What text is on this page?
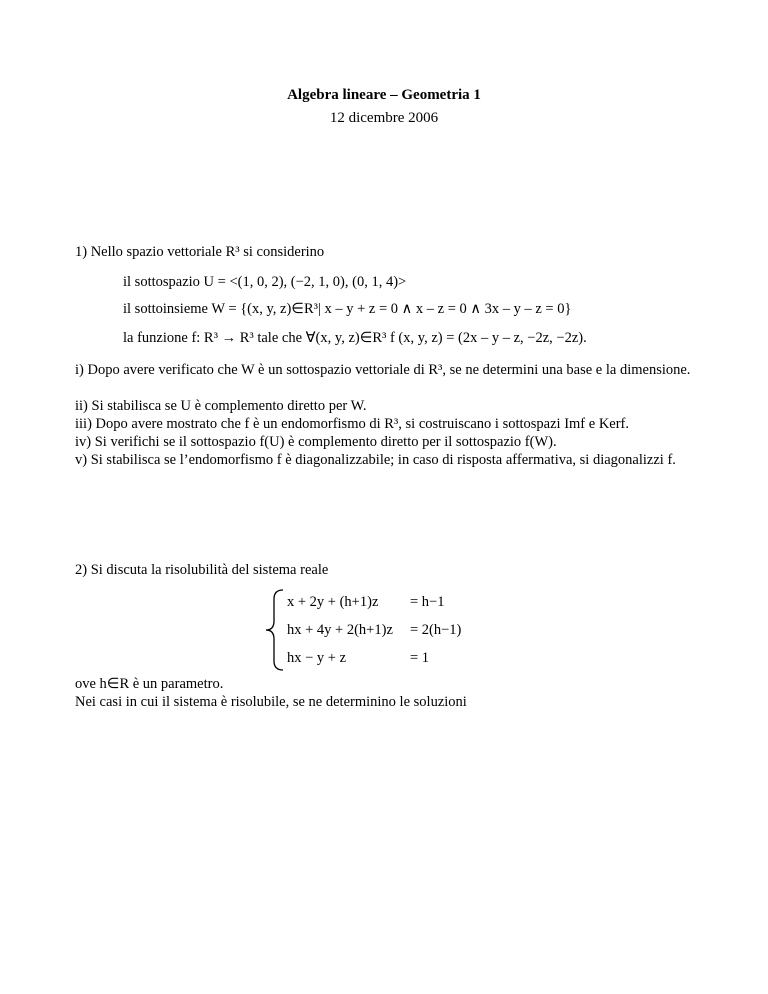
Algebra lineare – Geometria 1
12 dicembre 2006
1) Nello spazio vettoriale R³ si considerino
il sottospazio U = <(1, 0, 2), (−2, 1, 0), (0, 1, 4)>
il sottoinsieme W = {(x, y, z)∈R³| x – y + z = 0 ∧ x – z = 0 ∧ 3x – y – z = 0}
la funzione f: R³ → R³ tale che ∀(x, y, z)∈R³ f (x, y, z) = (2x – y – z, −2z, −2z).
i) Dopo avere verificato che W è un sottospazio vettoriale di R³, se ne determini una base e la dimensione.
ii) Si stabilisca se U è complemento diretto per W.
iii) Dopo avere mostrato che f è un endomorfismo di R³, si costruiscano i sottospazi Imf e Kerf.
iv) Si verifichi se il sottospazio f(U) è complemento diretto per il sottospazio f(W).
v) Si stabilisca se l’endomorfismo f è diagonalizzabile; in caso di risposta affermativa, si diagonalizzi f.
2) Si discuta la risolubilità del sistema reale
x + 2y + (h+1)z = h−1
hx + 4y + 2(h+1)z = 2(h−1)
hx − y + z	= 1
ove h∈R è un parametro.
Nei casi in cui il sistema è risolubile, se ne determinino le soluzioni
